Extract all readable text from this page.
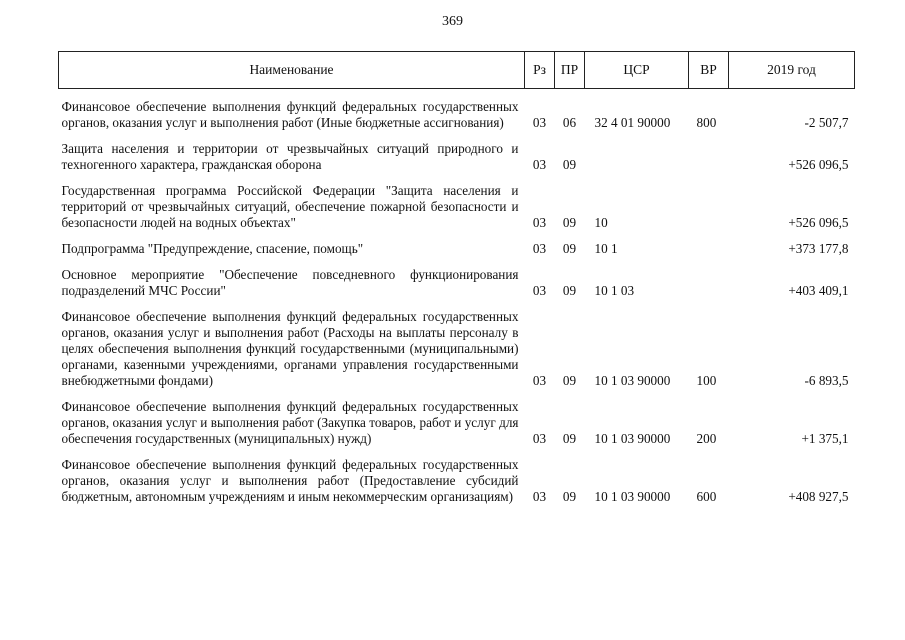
369
Наименование	Рз	ПР	ЦСР	ВР	2019 год

Финансовое обеспечение выполнения функций федеральных государственных органов, оказания услуг и выполнения работ (Иные бюджетные ассигнования)	03	06	32 4 01 90000	800	-2 507,7

Защита населения и территории от чрезвычайных ситуаций природного и техногенного характера, гражданская оборона	03	09			+526 096,5

Государственная программа Российской Федерации "Защита населения и территорий от чрезвычайных ситуаций, обеспечение пожарной безопасности и безопасности людей на водных объектах"	03	09	10		+526 096,5

Подпрограмма "Предупреждение, спасение, помощь"	03	09	10 1		+373 177,8

Основное мероприятие "Обеспечение повседневного функционирования подразделений МЧС России"	03	09	10 1 03		+403 409,1

Финансовое обеспечение выполнения функций федеральных государственных органов, оказания услуг и выполнения работ (Расходы на выплаты персоналу в целях обеспечения выполнения функций государственными (муниципальными) органами, казенными учреждениями, органами управления государственными внебюджетными фондами)	03	09	10 1 03 90000	100	-6 893,5

Финансовое обеспечение выполнения функций федеральных государственных органов, оказания услуг и выполнения работ (Закупка товаров, работ и услуг для обеспечения государственных (муниципальных) нужд)	03	09	10 1 03 90000	200	+1 375,1

Финансовое обеспечение выполнения функций федеральных государственных органов, оказания услуг и выполнения работ (Предоставление субсидий бюджетным, автономным учреждениям и иным некоммерческим организациям)	03	09	10 1 03 90000	600	+408 927,5
